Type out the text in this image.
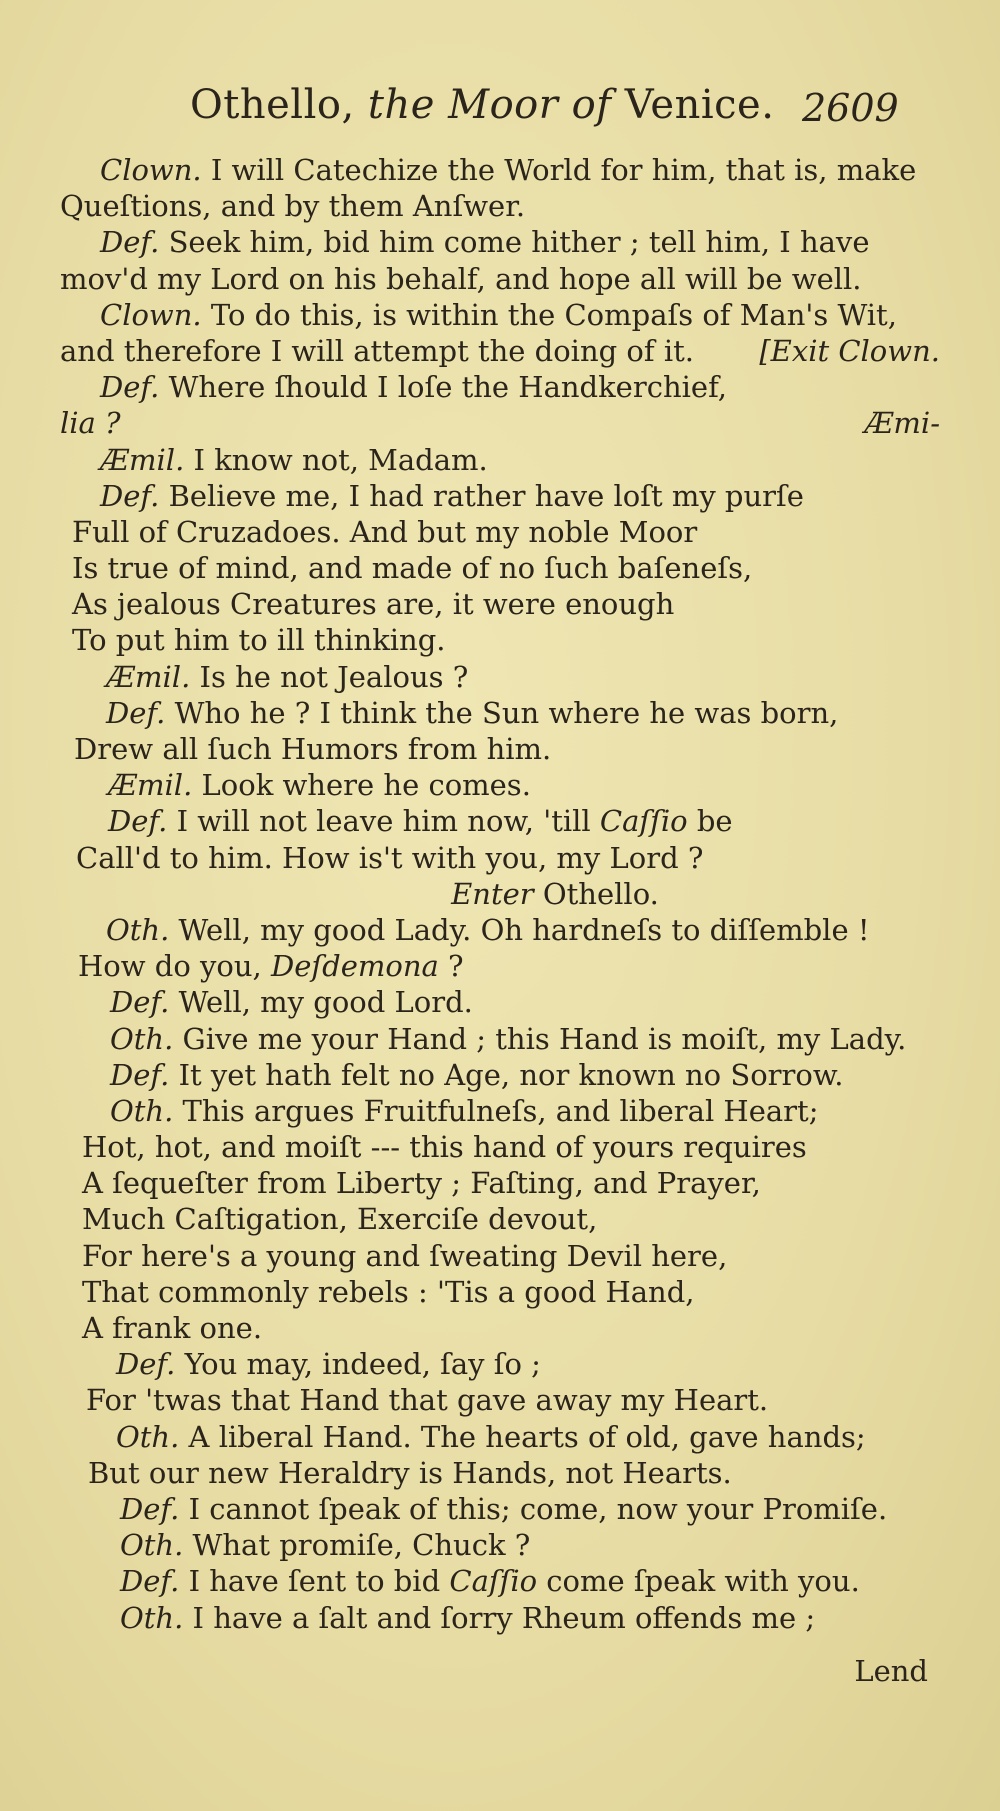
Othello, the Moor of Venice. 2609
Clown. I will Catechize the World for him, that is, make
Queſtions, and by them Anſwer.
Def. Seek him, bid him come hither ; tell him, I have
mov'd my Lord on his behalf, and hope all will be well.
Clown. To do this, is within the Compaſs of Man's Wit,
and therefore I will attempt the doing of it. [Exit Clown.
Def. Where ſhould I loſe the Handkerchief,
Æmi-
lia ?
Æmil. I know not, Madam.
Def. Believe me, I had rather have loſt my purſe
Full of Cruzadoes. And but my noble Moor
Is true of mind, and made of no ſuch baſeneſs,
As jealous Creatures are, it were enough
To put him to ill thinking.
Æmil. Is he not Jealous ?
Def. Who he ? I think the Sun where he was born,
Drew all ſuch Humors from him.
Æmil. Look where he comes.
Def. I will not leave him now, 'till Caſſio be
Call'd to him. How is't with you, my Lord ?
Enter Othello.
Oth. Well, my good Lady. Oh hardneſs to diſſemble !
How do you, Deſdemona ?
Def. Well, my good Lord.
Oth. Give me your Hand ; this Hand is moiſt, my Lady.
Def. It yet hath felt no Age, nor known no Sorrow.
Oth. This argues Fruitfulneſs, and liberal Heart;
Hot, hot, and moiſt --- this hand of yours requires
A ſequeſter from Liberty ; Faſting, and Prayer,
Much Caſtigation, Exerciſe devout,
For here's a young and ſweating Devil here,
That commonly rebels : 'Tis a good Hand,
A frank one.
Def. You may, indeed, ſay ſo ;
For 'twas that Hand that gave away my Heart.
Oth. A liberal Hand. The hearts of old, gave hands;
But our new Heraldry is Hands, not Hearts.
Def. I cannot ſpeak of this; come, now your Promiſe.
Oth. What promiſe, Chuck ?
Def. I have ſent to bid Caſſio come ſpeak with you.
Oth. I have a ſalt and ſorry Rheum offends me ;
Lend
